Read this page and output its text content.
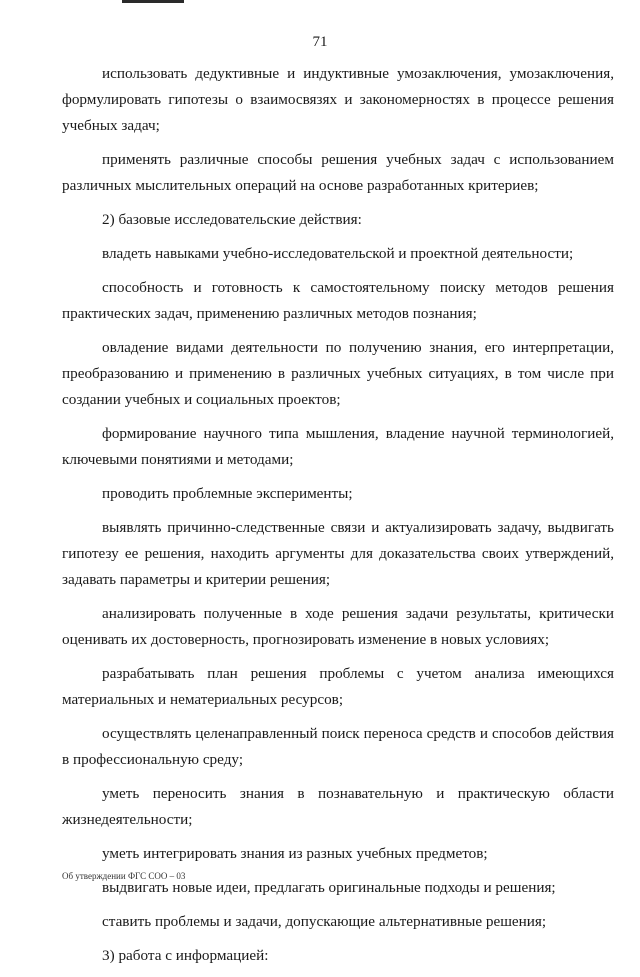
71

использовать дедуктивные и индуктивные умозаключения, умозаключения, формулировать гипотезы о взаимосвязях и закономерностях в процессе решения учебных задач;

применять различные способы решения учебных задач с использованием различных мыслительных операций на основе разработанных критериев;

2) базовые исследовательские действия:

владеть навыками учебно-исследовательской и проектной деятельности;

способность и готовность к самостоятельному поиску методов решения практических задач, применению различных методов познания;

овладение видами деятельности по получению знания, его интерпретации, преобразованию и применению в различных учебных ситуациях, в том числе при создании учебных и социальных проектов;

формирование научного типа мышления, владение научной терминологией, ключевыми понятиями и методами;

проводить проблемные эксперименты;

выявлять причинно-следственные связи и актуализировать задачу, выдвигать гипотезу ее решения, находить аргументы для доказательства своих утверждений, задавать параметры и критерии решения;

анализировать полученные в ходе решения задачи результаты, критически оценивать их достоверность, прогнозировать изменение в новых условиях;

разрабатывать план решения проблемы с учетом анализа имеющихся материальных и нематериальных ресурсов;

осуществлять целенаправленный поиск переноса средств и способов действия в профессиональную среду;

уметь переносить знания в познавательную и практическую области жизнедеятельности;

уметь интегрировать знания из разных учебных предметов;

выдвигать новые идеи, предлагать оригинальные подходы и решения;

ставить проблемы и задачи, допускающие альтернативные решения;

3) работа с информацией:

Об утверждении ФГС СОО – 03
